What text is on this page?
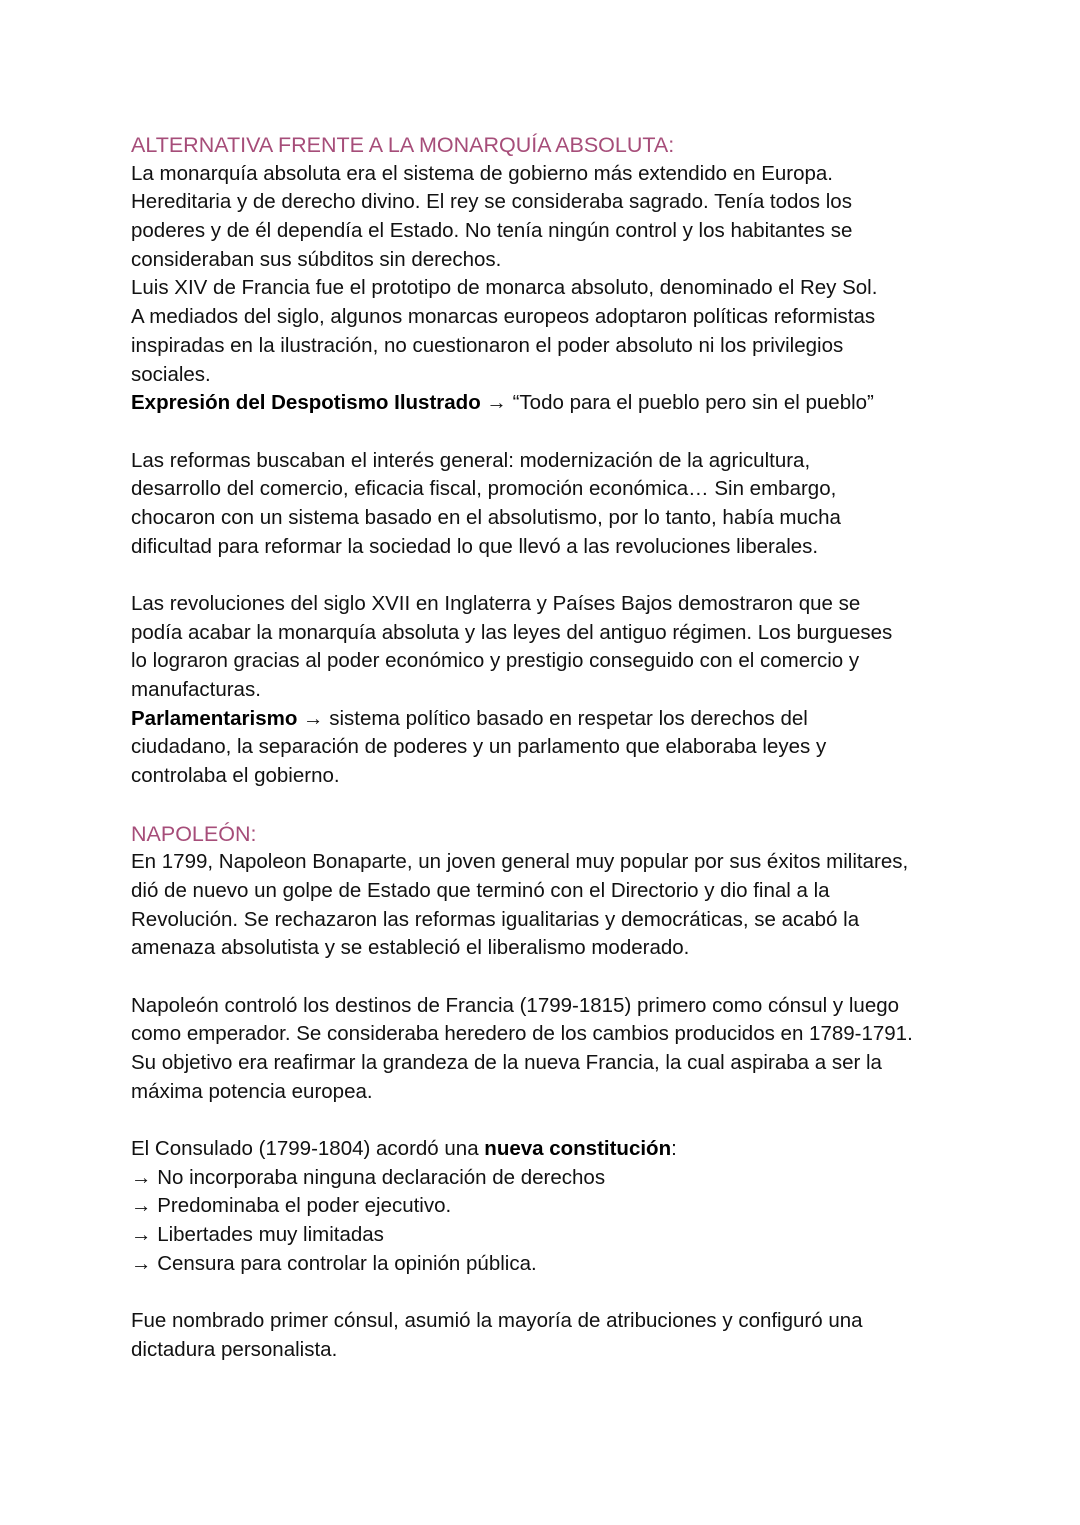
ALTERNATIVA FRENTE A LA MONARQUÍA ABSOLUTA:
La monarquía absoluta era el sistema de gobierno más extendido en Europa.
Hereditaria y de derecho divino. El rey se consideraba sagrado. Tenía todos los
poderes y de él dependía el Estado. No tenía ningún control y los habitantes se
consideraban sus súbditos sin derechos.
Luis XIV de Francia fue el prototipo de monarca absoluto, denominado el Rey Sol.
A mediados del siglo, algunos monarcas europeos adoptaron políticas reformistas
inspiradas en la ilustración, no cuestionaron el poder absoluto ni los privilegios
sociales.
Expresión del Despotismo Ilustrado → “Todo para el pueblo pero sin el pueblo”
Las reformas buscaban el interés general: modernización de la agricultura,
desarrollo del comercio, eficacia fiscal, promoción económica… Sin embargo,
chocaron con un sistema basado en el absolutismo, por lo tanto, había mucha
dificultad para reformar la sociedad lo que llevó a las revoluciones liberales.
Las revoluciones del siglo XVII en Inglaterra y Países Bajos demostraron que se
podía acabar la monarquía absoluta y las leyes del antiguo régimen. Los burgueses
lo lograron gracias al poder económico y prestigio conseguido con el comercio y
manufacturas.
Parlamentarismo → sistema político basado en respetar los derechos del
ciudadano, la separación de poderes y un parlamento que elaboraba leyes y
controlaba el gobierno.
NAPOLEÓN:
En 1799, Napoleon Bonaparte, un joven general muy popular por sus éxitos militares,
dió de nuevo un golpe de Estado que terminó con el Directorio y dio final a la
Revolución. Se rechazaron las reformas igualitarias y democráticas, se acabó la
amenaza absolutista y se estableció el liberalismo moderado.
Napoleón controló los destinos de Francia (1799-1815) primero como cónsul y luego
como emperador. Se consideraba heredero de los cambios producidos en 1789-1791.
Su objetivo era reafirmar la grandeza de la nueva Francia, la cual aspiraba a ser la
máxima potencia europea.
El Consulado (1799-1804) acordó una nueva constitución:
→ No incorporaba ninguna declaración de derechos
→ Predominaba el poder ejecutivo.
→ Libertades muy limitadas
→ Censura para controlar la opinión pública.
Fue nombrado primer cónsul, asumió la mayoría de atribuciones y configuró una
dictadura personalista.
